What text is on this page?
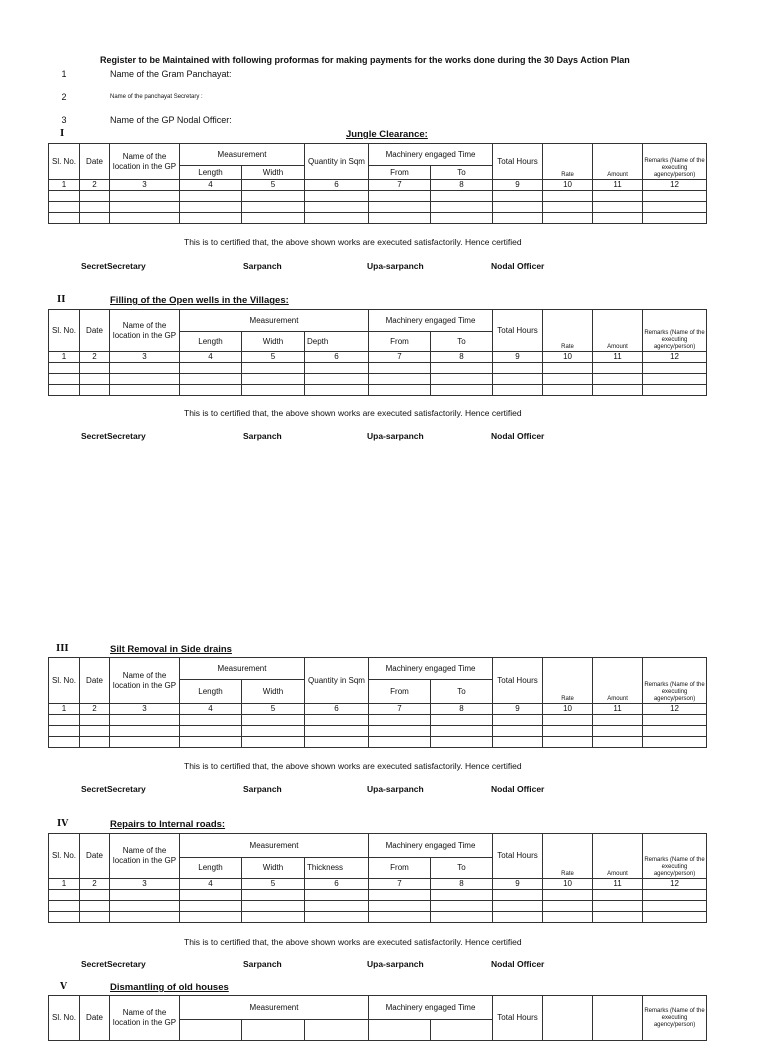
Register to be Maintained with following proformas for making payments for the works done during the 30 Days Action Plan
1	Name of the Gram Panchayat:
2	Name of the panchayat Secretary :
3	Name of the GP Nodal Officer:
I	Jungle Clearance:
Sl. No.	Date	Name of the location in the GP	Measurement		Quantity in Sqm	Machinery engaged Time		Total Hours	Rate	Amount	Remarks (Name of the executing agency/person)
			Length	Width		From	To				
1	2	3	4	5	6	7	8	9	10	11	12

This is to certified that, the above shown works are executed satisfactorily. Hence certified
SecretSecretary	Sarpanch	Upa-sarpanch	Nodal Officer
II	Filling of the Open wells in the Villages:
Sl. No.	Date	Name of the location in the GP	Measurement			Machinery engaged Time		Total Hours	Rate	Amount	Remarks (Name of the executing agency/person)
			Length	Width	Depth	From	To				
1	2	3	4	5	6	7	8	9	10	11	12

This is to certified that, the above shown works are executed satisfactorily. Hence certified
SecretSecretary	Sarpanch	Upa-sarpanch	Nodal Officer
III	Silt Removal in Side drains
Sl. No.	Date	Name of the location in the GP	Measurement		Quantity in Sqm	Machinery engaged Time		Total Hours	Rate	Amount	Remarks (Name of the executing agency/person)
			Length	Width		From	To				
1	2	3	4	5	6	7	8	9	10	11	12

This is to certified that, the above shown works are executed satisfactorily. Hence certified
SecretSecretary	Sarpanch	Upa-sarpanch	Nodal Officer
IV	Repairs to Internal roads:
Sl. No.	Date	Name of the location in the GP	Measurement			Machinery engaged Time		Total Hours	Rate	Amount	Remarks (Name of the executing agency/person)
			Length	Width	Thickness	From	To				
1	2	3	4	5	6	7	8	9	10	11	12

This is to certified that, the above shown works are executed satisfactorily. Hence certified
SecretSecretary	Sarpanch	Upa-sarpanch	Nodal Officer
V	Dismantling of old houses
Sl. No.	Date	Name of the location in the GP	Measurement			Machinery engaged Time		Total Hours			Remarks (Name of the executing agency/person)
